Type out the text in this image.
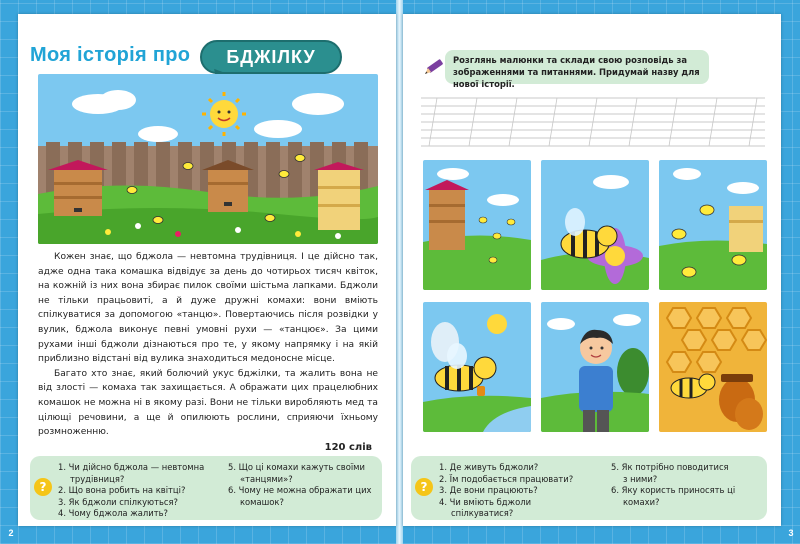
Моя історія про	БДЖІЛКУ

Кожен знає, що бджола — невтомна трудівниця. І це дійсно так, адже одна така комашка відвідує за день до чотирьох тисяч квіток, на кожній із них вона збирає пилок своїми шістьма лапками. Бджоли не тільки працьовиті, а й дуже дружні комахи: вони вміють спілкуватися за допомогою «танцю». Повертаючись після розвідки у вулик, бджола виконує певні умовні рухи — «танцює». За цими рухами інші бджоли дізнаються про те, у якому напрямку і на якій приблизно відстані від вулика знаходиться медоносне місце.

Багато хто знає, який болючий укус бджілки, та жалить вона не від злості — комаха так захищається. А ображати цих працелюбних комашок не можна ні в якому разі. Вони не тільки виробляють мед та цілющі речовини, а ще й опилюють рослини, сприяючи їхньому розмноженню.

120 слів
?
1. Чи дійсно бджола — невтомна
трудівниця?
2. Що вона робить на квітці?
3. Як бджоли спілкуються?
4. Чому бджола жалить?
5. Що ці комахи кажуть своїми
«танцями»?
6. Чому не можна ображати цих
комашок?
2
Розглянь малюнки та склади свою розповідь за зображеннями та питаннями. Придумай назву для нової історії.
?
1. Де живуть бджоли?
2. Їм подобається працювати?
3. Де вони працюють?
4. Чи вміють бджоли
спілкуватися?
5. Як потрібно поводитися
з ними?
6. Яку користь приносять ці
комахи?
3
